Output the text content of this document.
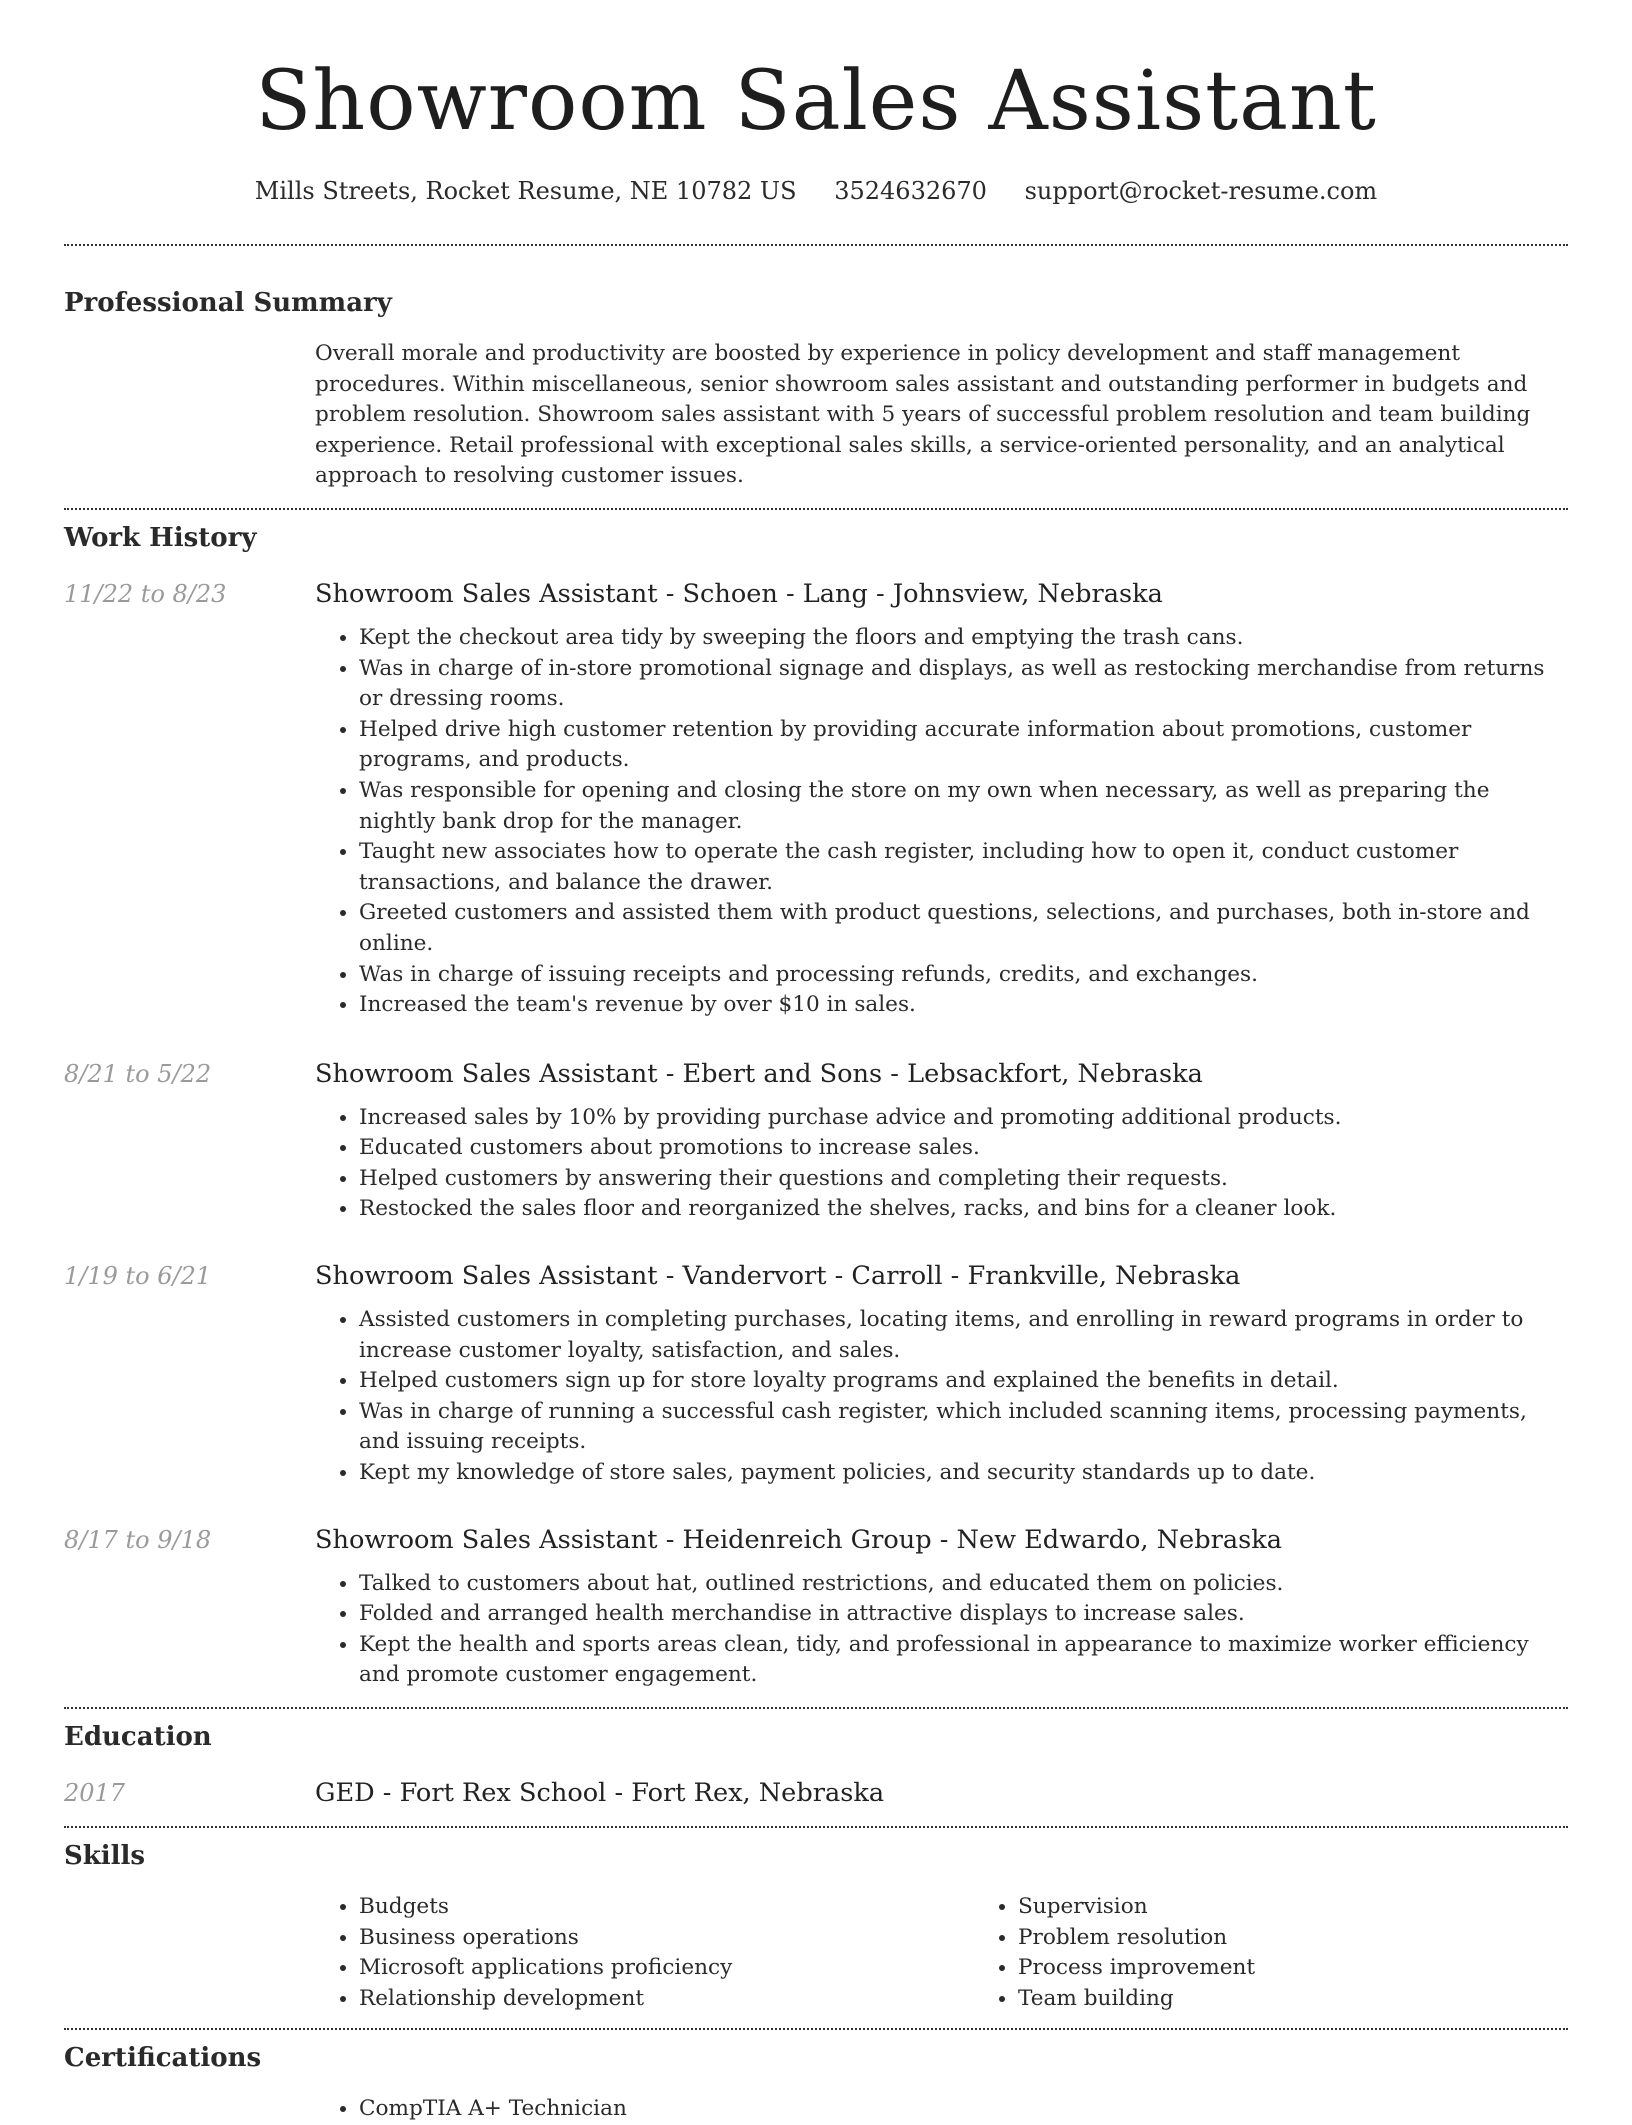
Showroom Sales Assistant
Mills Streets, Rocket Resume, NE 10782 US 3524632670 support@rocket-resume.com
Professional Summary
Overall morale and productivity are boosted by experience in policy development and staff management procedures. Within miscellaneous, senior showroom sales assistant and outstanding performer in budgets and problem resolution. Showroom sales assistant with 5 years of successful problem resolution and team building experience. Retail professional with exceptional sales skills, a service-oriented personality, and an analytical approach to resolving customer issues.
Work History
11/22 to 8/23	Showroom Sales Assistant - Schoen - Lang - Johnsview, Nebraska
• Kept the checkout area tidy by sweeping the floors and emptying the trash cans.
• Was in charge of in-store promotional signage and displays, as well as restocking merchandise from returns or dressing rooms.
• Helped drive high customer retention by providing accurate information about promotions, customer programs, and products.
• Was responsible for opening and closing the store on my own when necessary, as well as preparing the nightly bank drop for the manager.
• Taught new associates how to operate the cash register, including how to open it, conduct customer transactions, and balance the drawer.
• Greeted customers and assisted them with product questions, selections, and purchases, both in-store and online.
• Was in charge of issuing receipts and processing refunds, credits, and exchanges.
• Increased the team's revenue by over $10 in sales.
8/21 to 5/22	Showroom Sales Assistant - Ebert and Sons - Lebsackfort, Nebraska
• Increased sales by 10% by providing purchase advice and promoting additional products.
• Educated customers about promotions to increase sales.
• Helped customers by answering their questions and completing their requests.
• Restocked the sales floor and reorganized the shelves, racks, and bins for a cleaner look.
1/19 to 6/21	Showroom Sales Assistant - Vandervort - Carroll - Frankville, Nebraska
• Assisted customers in completing purchases, locating items, and enrolling in reward programs in order to increase customer loyalty, satisfaction, and sales.
• Helped customers sign up for store loyalty programs and explained the benefits in detail.
• Was in charge of running a successful cash register, which included scanning items, processing payments, and issuing receipts.
• Kept my knowledge of store sales, payment policies, and security standards up to date.
8/17 to 9/18	Showroom Sales Assistant - Heidenreich Group - New Edwardo, Nebraska
• Talked to customers about hat, outlined restrictions, and educated them on policies.
• Folded and arranged health merchandise in attractive displays to increase sales.
• Kept the health and sports areas clean, tidy, and professional in appearance to maximize worker efficiency and promote customer engagement.
Education
2017	GED - Fort Rex School - Fort Rex, Nebraska
Skills
• Budgets
• Business operations
• Microsoft applications proficiency
• Relationship development
• Supervision
• Problem resolution
• Process improvement
• Team building
Certifications
• CompTIA A+ Technician
